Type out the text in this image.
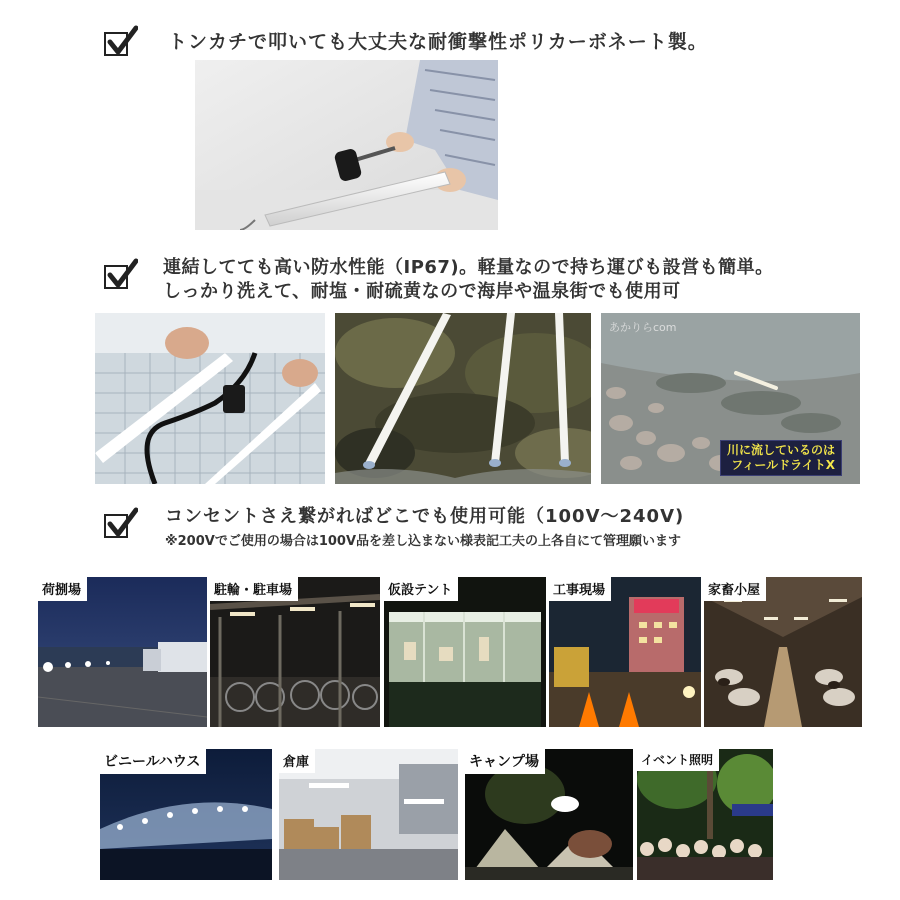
トンカチで叩いても大丈夫な耐衝撃性ポリカーボネート製。
連結してても高い防水性能（IP67)。軽量なので持ち運びも設営も簡単。
しっかり洗えて、耐塩・耐硫黄なので海岸や温泉街でも使用可
あかりらcom
川に流しているのは
フィールドライトX
コンセントさえ繋がればどこでも使用可能（100V〜240V)
※200Vでご使用の場合は100V品を差し込まない様表記工夫の上各自にて管理願います
荷捌場	駐輪・駐車場	仮設テント	工事現場	家畜小屋
ビニールハウス	倉庫	キャンプ場	イベント照明
